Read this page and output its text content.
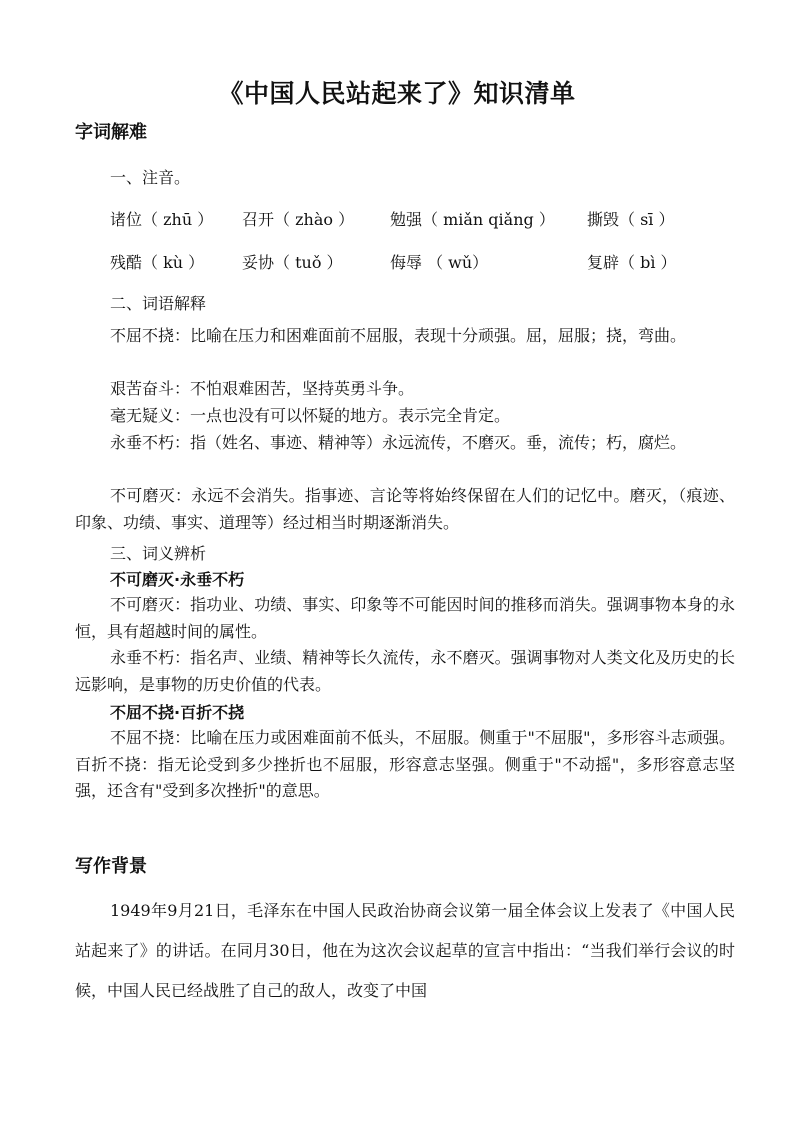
《中国人民站起来了》知识清单
字词解难
一、注音。
诸位（ zhū ） 召开（ zhào ） 勉强（ miǎn qiǎng ） 撕毁（ sī ）
残酷（ kù ） 妥协（ tuǒ ）	侮辱 （ wǔ）	复辟（ bì ）
二、词语解释
不屈不挠：比喻在压力和困难面前不屈服，表现十分顽强。屈，屈服；挠，弯曲。
艰苦奋斗：不怕艰难困苦，坚持英勇斗争。
毫无疑义：一点也没有可以怀疑的地方。表示完全肯定。
永垂不朽：指（姓名、事迹、精神等）永远流传，不磨灭。垂，流传；朽，腐烂。
不可磨灭：永远不会消失。指事迹、言论等将始终保留在人们的记忆中。磨灭，（痕迹、印象、功绩、事实、道理等）经过相当时期逐渐消失。
三、词义辨析
不可磨灭·永垂不朽
不可磨灭：指功业、功绩、事实、印象等不可能因时间的推移而消失。强调事物本身的永恒，具有超越时间的属性。
永垂不朽：指名声、业绩、精神等长久流传，永不磨灭。强调事物对人类文化及历史的长远影响，是事物的历史价值的代表。
不屈不挠·百折不挠
不屈不挠：比喻在压力或困难面前不低头，不屈服。侧重于"不屈服"，多形容斗志顽强。百折不挠：指无论受到多少挫折也不屈服，形容意志坚强。侧重于"不动摇"，多形容意志坚强，还含有"受到多次挫折"的意思。
写作背景
1949年9月21日，毛泽东在中国人民政治协商会议第一届全体会议上发表了《中国人民站起来了》的讲话。在同月30日，他在为这次会议起草的宣言中指出：“当我们举行会议的时候，中国人民已经战胜了自己的敌人，改变了中国
